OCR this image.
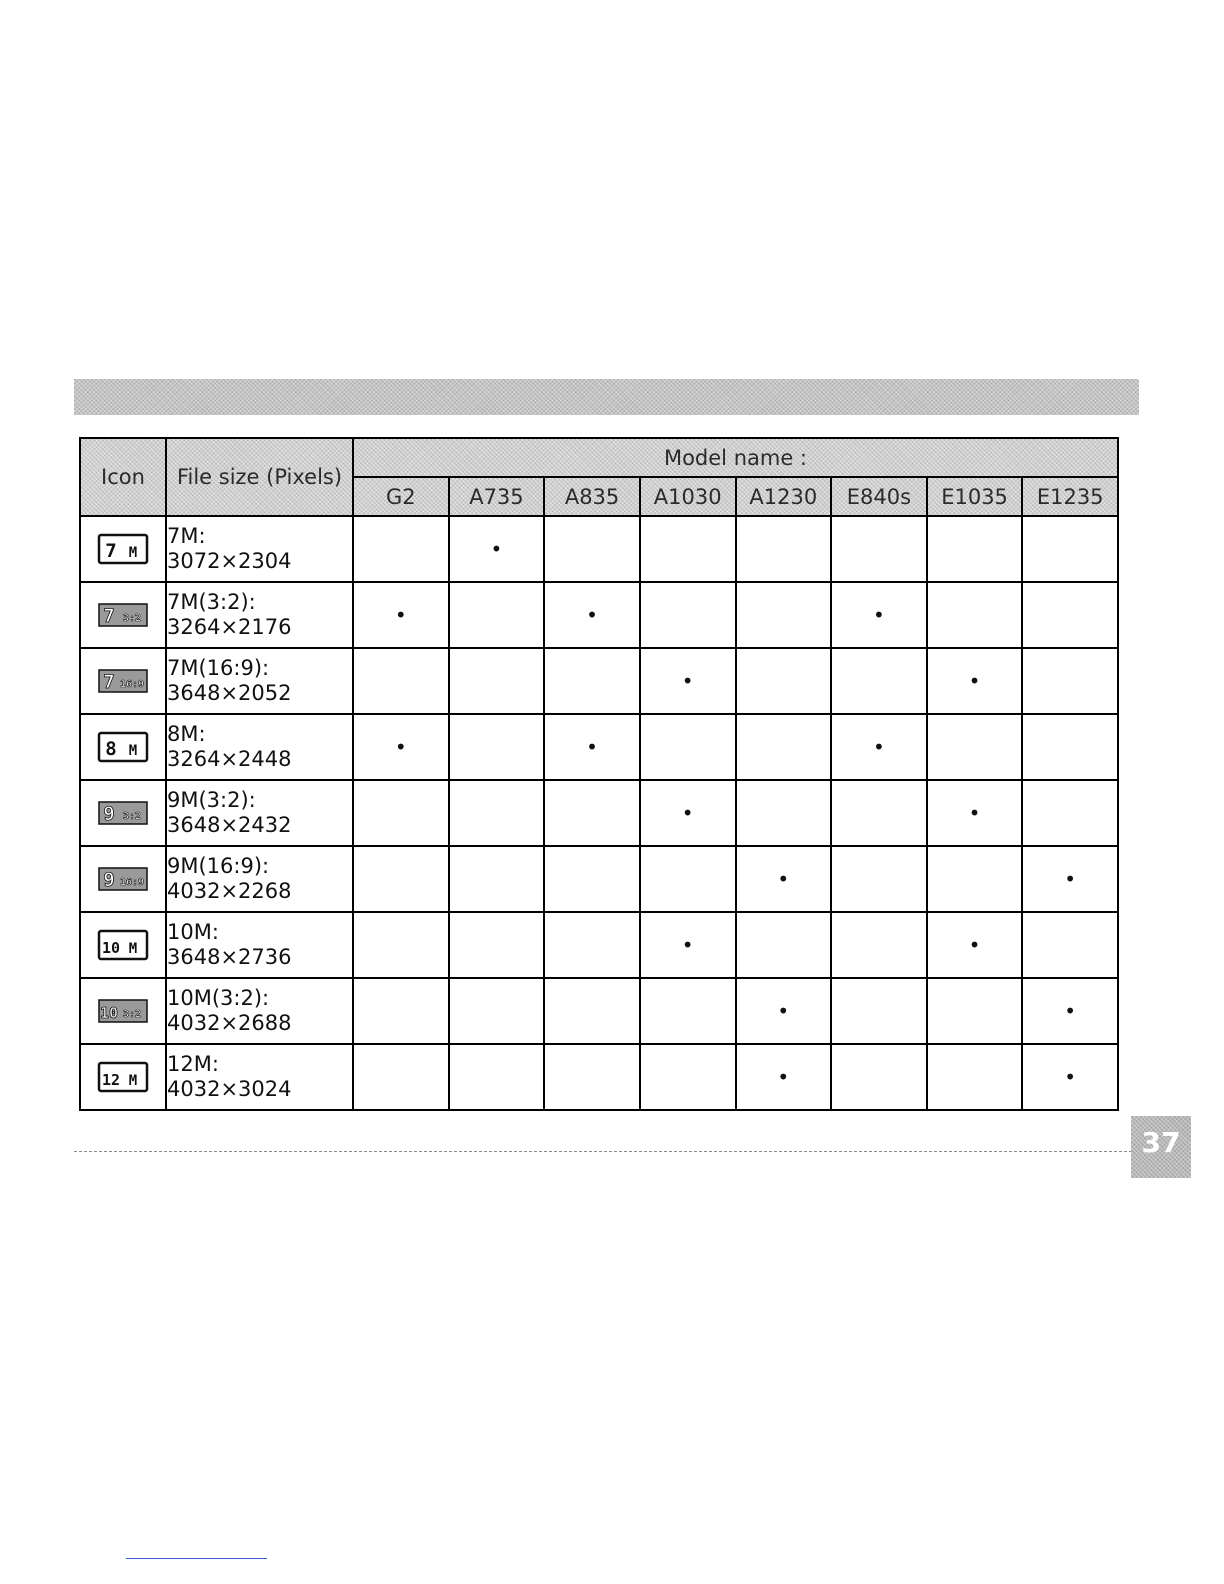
Icon	File size (Pixels)	Model name :							
		G2	A735	A835	A1030	A1230	E840s	E1035	E1235

7 M	7M:
3072×2304		•						

7 3:2	7M(3:2):
3264×2176	•		•			•		

7 16:9	7M(16:9):
3648×2052				•			•	

8 M	8M:
3264×2448	•		•			•		

9 3:2	9M(3:2):
3648×2432				•			•	

9 16:9	9M(16:9):
4032×2268					•			•

10 M	10M:
3648×2736				•			•	

10 3:2	10M(3:2):
4032×2688					•			•

12 M	12M:
4032×3024					•			•
37
